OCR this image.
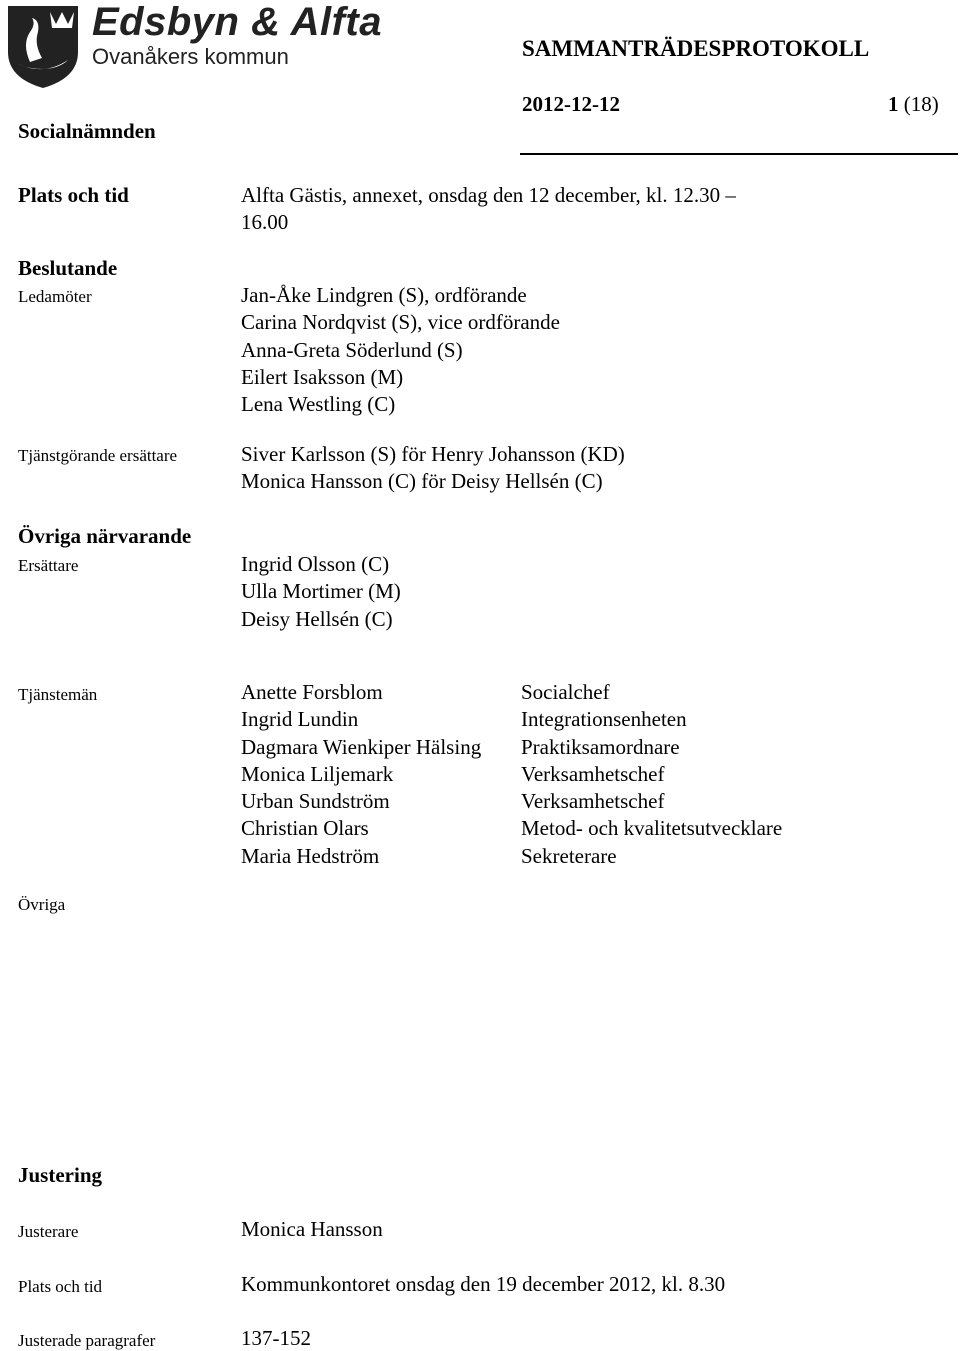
Edsbyn & Alfta
Ovanåkers kommun	SAMMANTRÄDESPROTOKOLL
2012-12-12	1 (18)
Socialnämnden
Plats och tid	Alfta Gästis, annexet, onsdag den 12 december, kl. 12.30 –
16.00
Beslutande
Ledamöter	Jan-Åke Lindgren (S), ordförande
Carina Nordqvist (S), vice ordförande
Anna-Greta Söderlund (S)
Eilert Isaksson (M)
Lena Westling (C)
Tjänstgörande ersättare	Siver Karlsson (S) för Henry Johansson (KD)
Monica Hansson (C) för Deisy Hellsén (C)
Övriga närvarande
Ersättare	Ingrid Olsson (C)
Ulla Mortimer (M)
Deisy Hellsén (C)
Tjänstemän	Anette Forsblom	Socialchef
Ingrid Lundin	Integrationsenheten
Dagmara Wienkiper Hälsing	Praktiksamordnare
Monica Liljemark	Verksamhetschef
Urban Sundström	Verksamhetschef
Christian Olars	Metod- och kvalitetsutvecklare
Maria Hedström	Sekreterare
Övriga
Justering
Justerare	Monica Hansson
Plats och tid	Kommunkontoret onsdag den 19 december 2012, kl. 8.30
Justerade paragrafer	137-152
